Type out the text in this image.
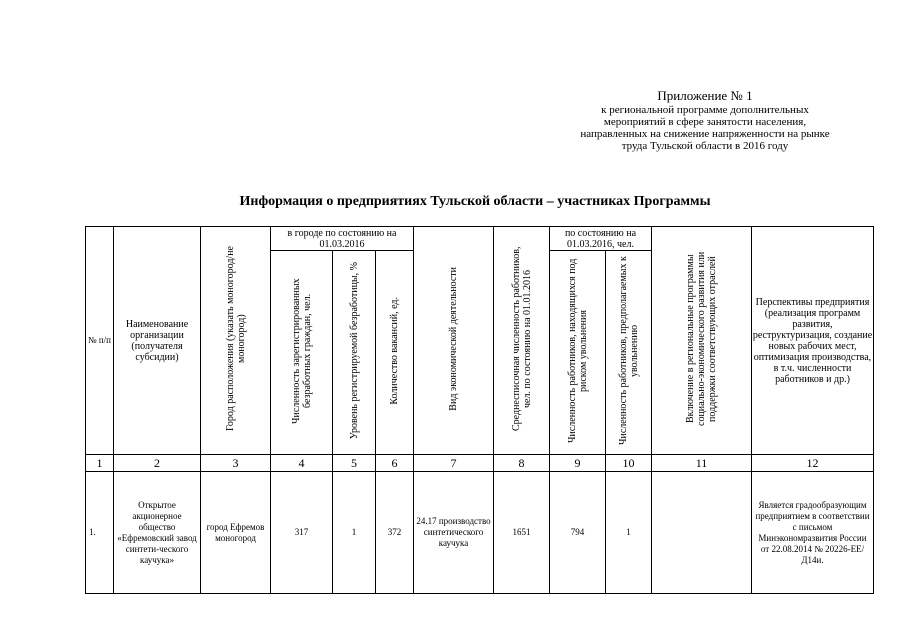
Приложение № 1
к региональной программе дополнительных
мероприятий в сфере занятости населения,
направленных на снижение напряженности на рынке
труда Тульской области в 2016 году
Информация о предприятиях Тульской области – участниках Программы
№ п/п	Наименование организации (получателя субсидии)	Город расположения (указать моногород/не моногород)	в городе по состоянию на 01.03.2016			Вид экономической деятельности	Среднесписочная численность работников, чел. по состоянию на 01.01.2016	по состоянию на 01.03.2016, чел.		Включение в региональные программы социально-экономического развития или поддержки соответствующих отраслей	Перспективы предприятия (реализация программ развития, реструктуризация, создание новых рабочих мест, оптимизация производства, в т.ч. численности работников и др.)
			Численность зарегистрированных безработных граждан, чел.	Уровень регистрируемой безработицы, %	Количество вакансий, ед.			Численность работников, находящихся под риском увольнения	Численность работников, предполагаемых к увольнению		
1	2	3	4	5	6	7	8	9	10	11	12
1.	Открытое акционерное общество «Ефремовский завод синтети-ческого каучука»	город Ефремов моногород	317	1	372	24.17 производство синтетического каучука	1651	794	1		Является градообразующим предприятием в соответствии с письмом Минэкономразвития России от 22.08.2014 № 20226-ЕЕ/Д14и.
